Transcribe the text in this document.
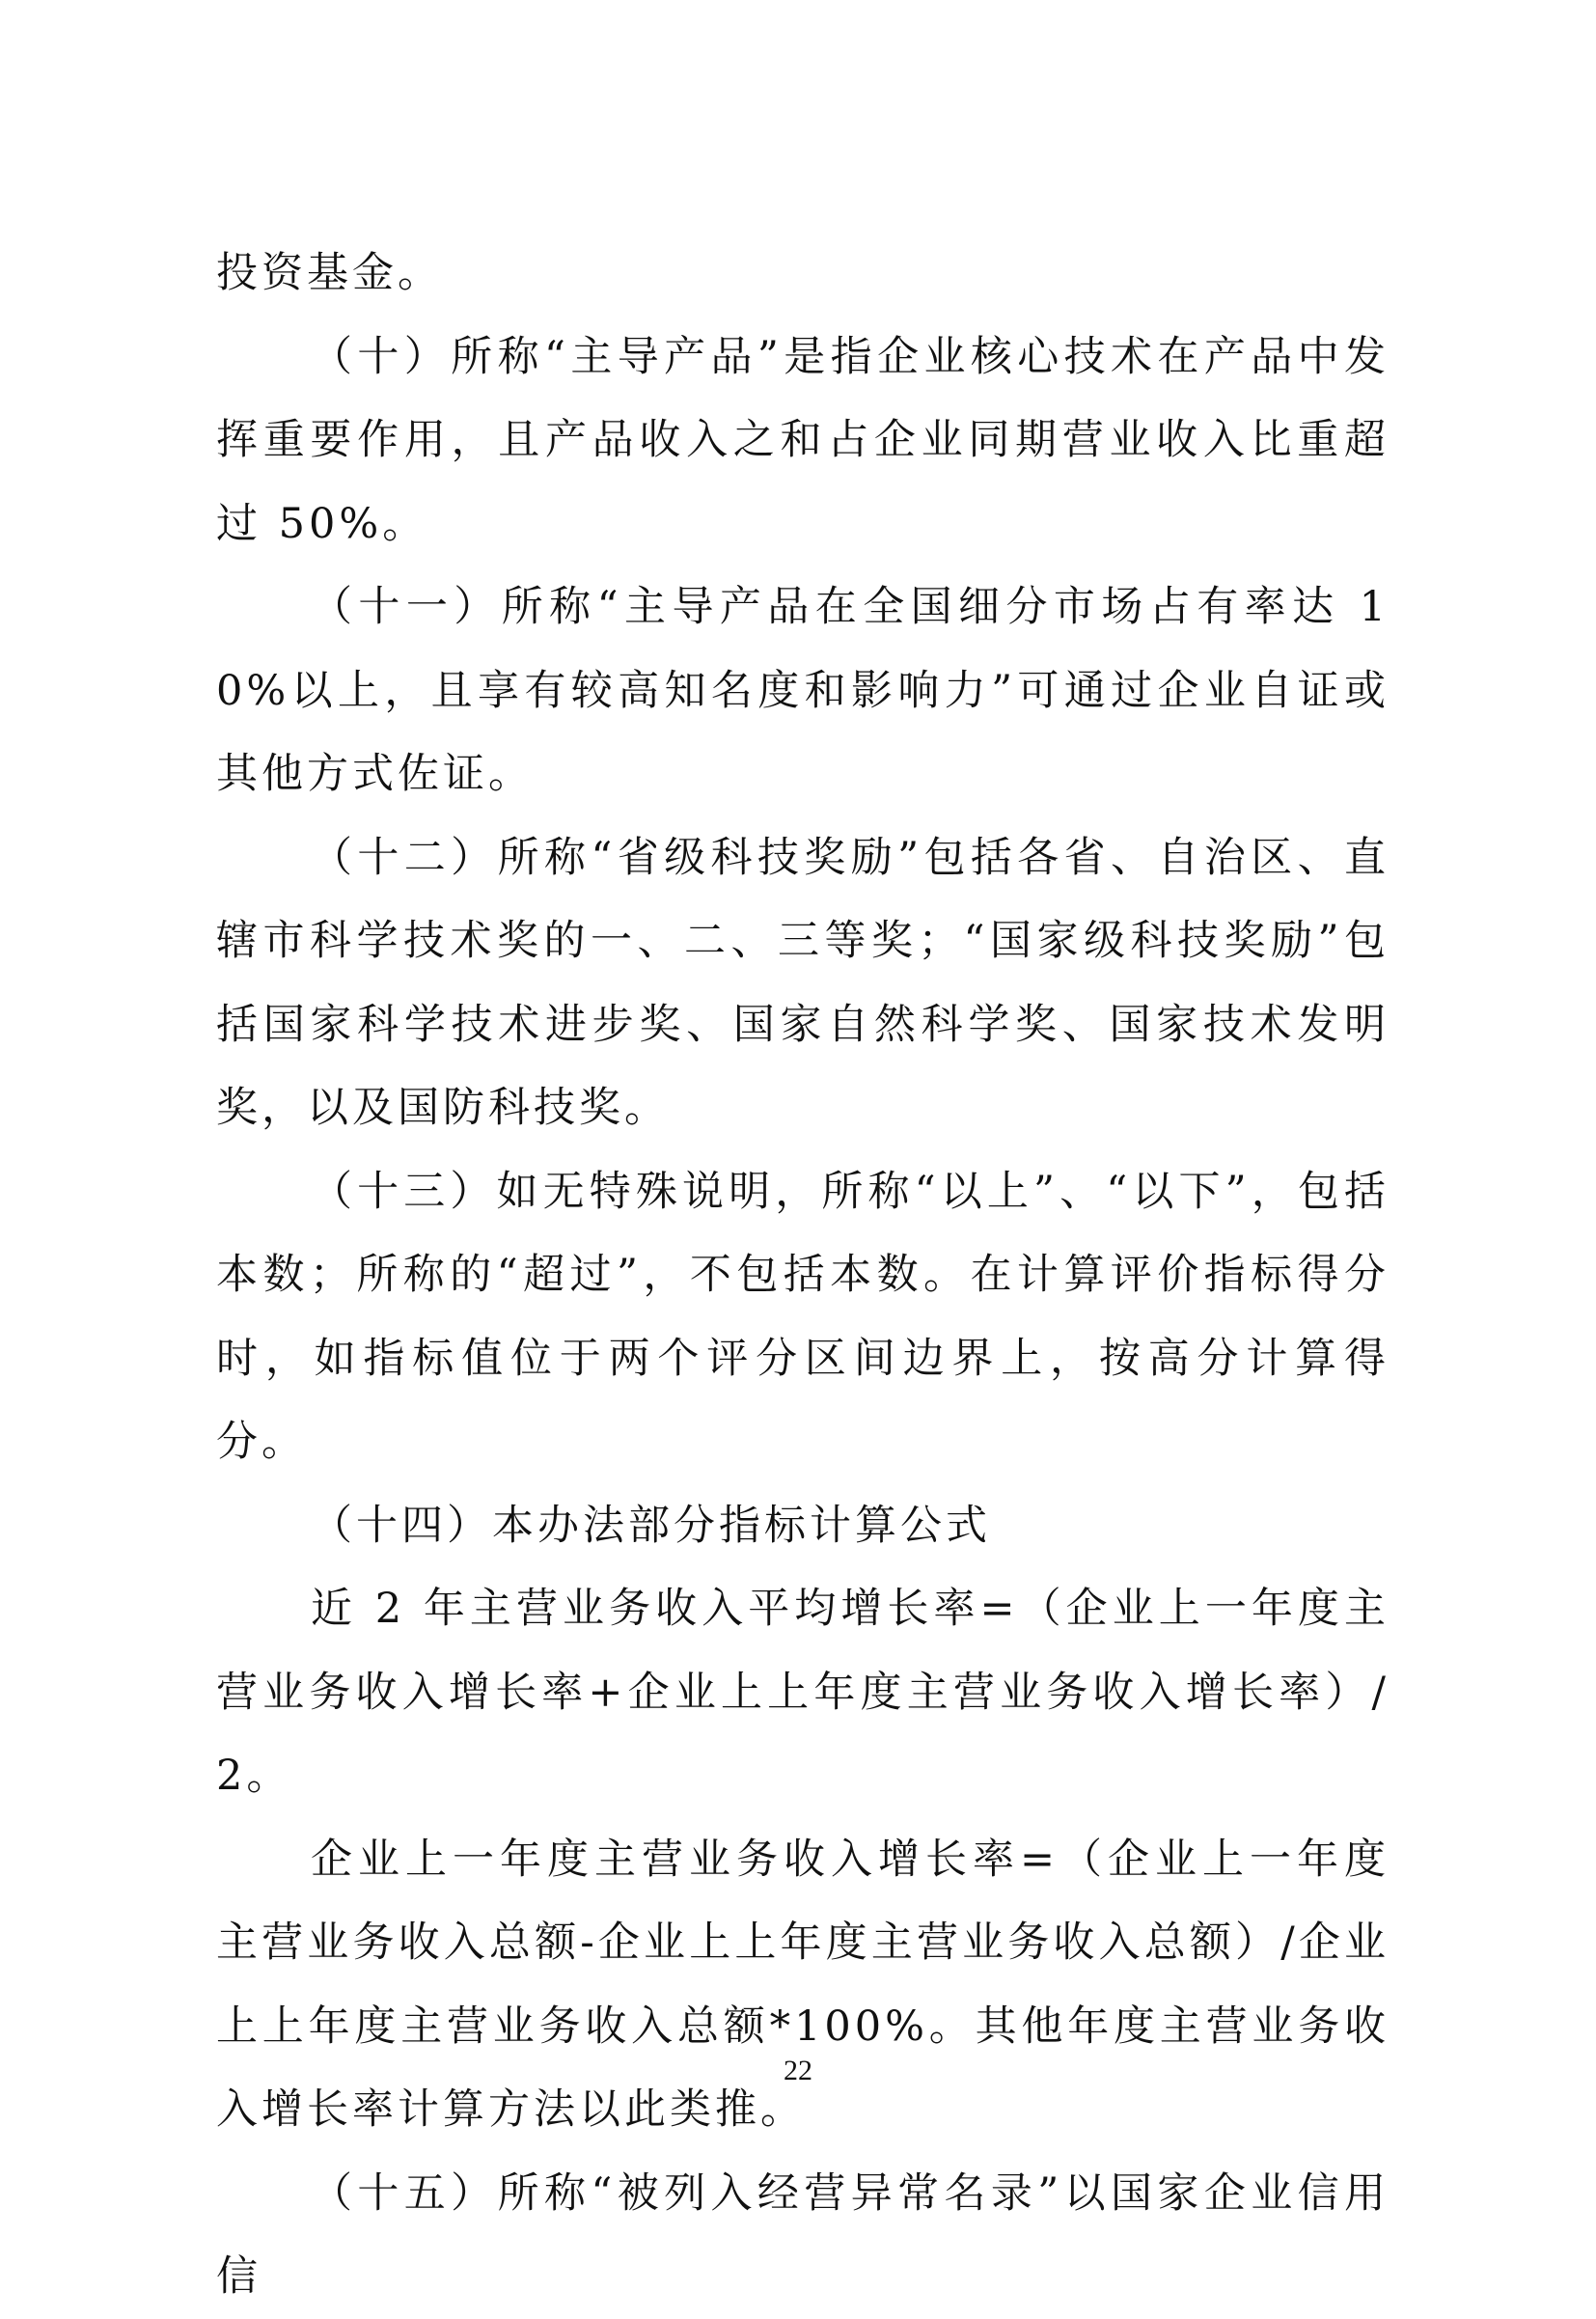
投资基金。

（十）所称“主导产品”是指企业核心技术在产品中发挥重要作用，且产品收入之和占企业同期营业收入比重超过 50%。

（十一）所称“主导产品在全国细分市场占有率达 10%以上，且享有较高知名度和影响力”可通过企业自证或其他方式佐证。

（十二）所称“省级科技奖励”包括各省、自治区、直辖市科学技术奖的一、二、三等奖；“国家级科技奖励”包括国家科学技术进步奖、国家自然科学奖、国家技术发明奖，以及国防科技奖。

（十三）如无特殊说明，所称“以上”、“以下”，包括本数；所称的“超过”，不包括本数。在计算评价指标得分时，如指标值位于两个评分区间边界上，按高分计算得分。

（十四）本办法部分指标计算公式

近 2 年主营业务收入平均增长率=（企业上一年度主营业务收入增长率+企业上上年度主营业务收入增长率）/2。

企业上一年度主营业务收入增长率=（企业上一年度主营业务收入总额-企业上上年度主营业务收入总额）/企业上上年度主营业务收入总额*100%。其他年度主营业务收入增长率计算方法以此类推。

（十五）所称“被列入经营异常名录”以国家企业信用信

22
